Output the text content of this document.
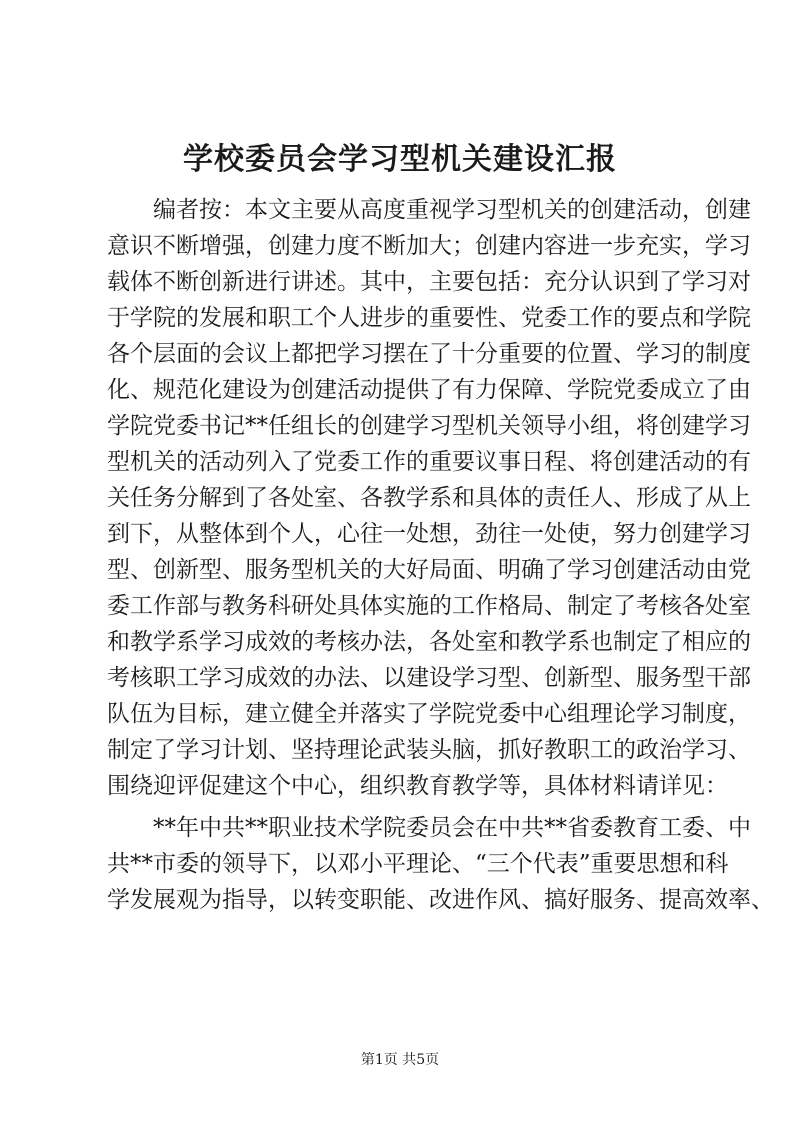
学校委员会学习型机关建设汇报
　　编者按：本文主要从高度重视学习型机关的创建活动，创建
意识不断增强，创建力度不断加大；创建内容进一步充实，学习
载体不断创新进行讲述。其中，主要包括：充分认识到了学习对
于学院的发展和职工个人进步的重要性、党委工作的要点和学院
各个层面的会议上都把学习摆在了十分重要的位置、学习的制度
化、规范化建设为创建活动提供了有力保障、学院党委成立了由
学院党委书记**任组长的创建学习型机关领导小组，将创建学习
型机关的活动列入了党委工作的重要议事日程、将创建活动的有
关任务分解到了各处室、各教学系和具体的责任人、形成了从上
到下，从整体到个人，心往一处想，劲往一处使，努力创建学习
型、创新型、服务型机关的大好局面、明确了学习创建活动由党
委工作部与教务科研处具体实施的工作格局、制定了考核各处室
和教学系学习成效的考核办法，各处室和教学系也制定了相应的
考核职工学习成效的办法、以建设学习型、创新型、服务型干部
队伍为目标，建立健全并落实了学院党委中心组理论学习制度，
制定了学习计划、坚持理论武装头脑，抓好教职工的政治学习、
围绕迎评促建这个中心，组织教育教学等，具体材料请详见：
　　**年中共**职业技术学院委员会在中共**省委教育工委、中
共**市委的领导下，以邓小平理论、“三个代表”重要思想和科
学发展观为指导，以转变职能、改进作风、搞好服务、提高效率、
第1页 共5页
